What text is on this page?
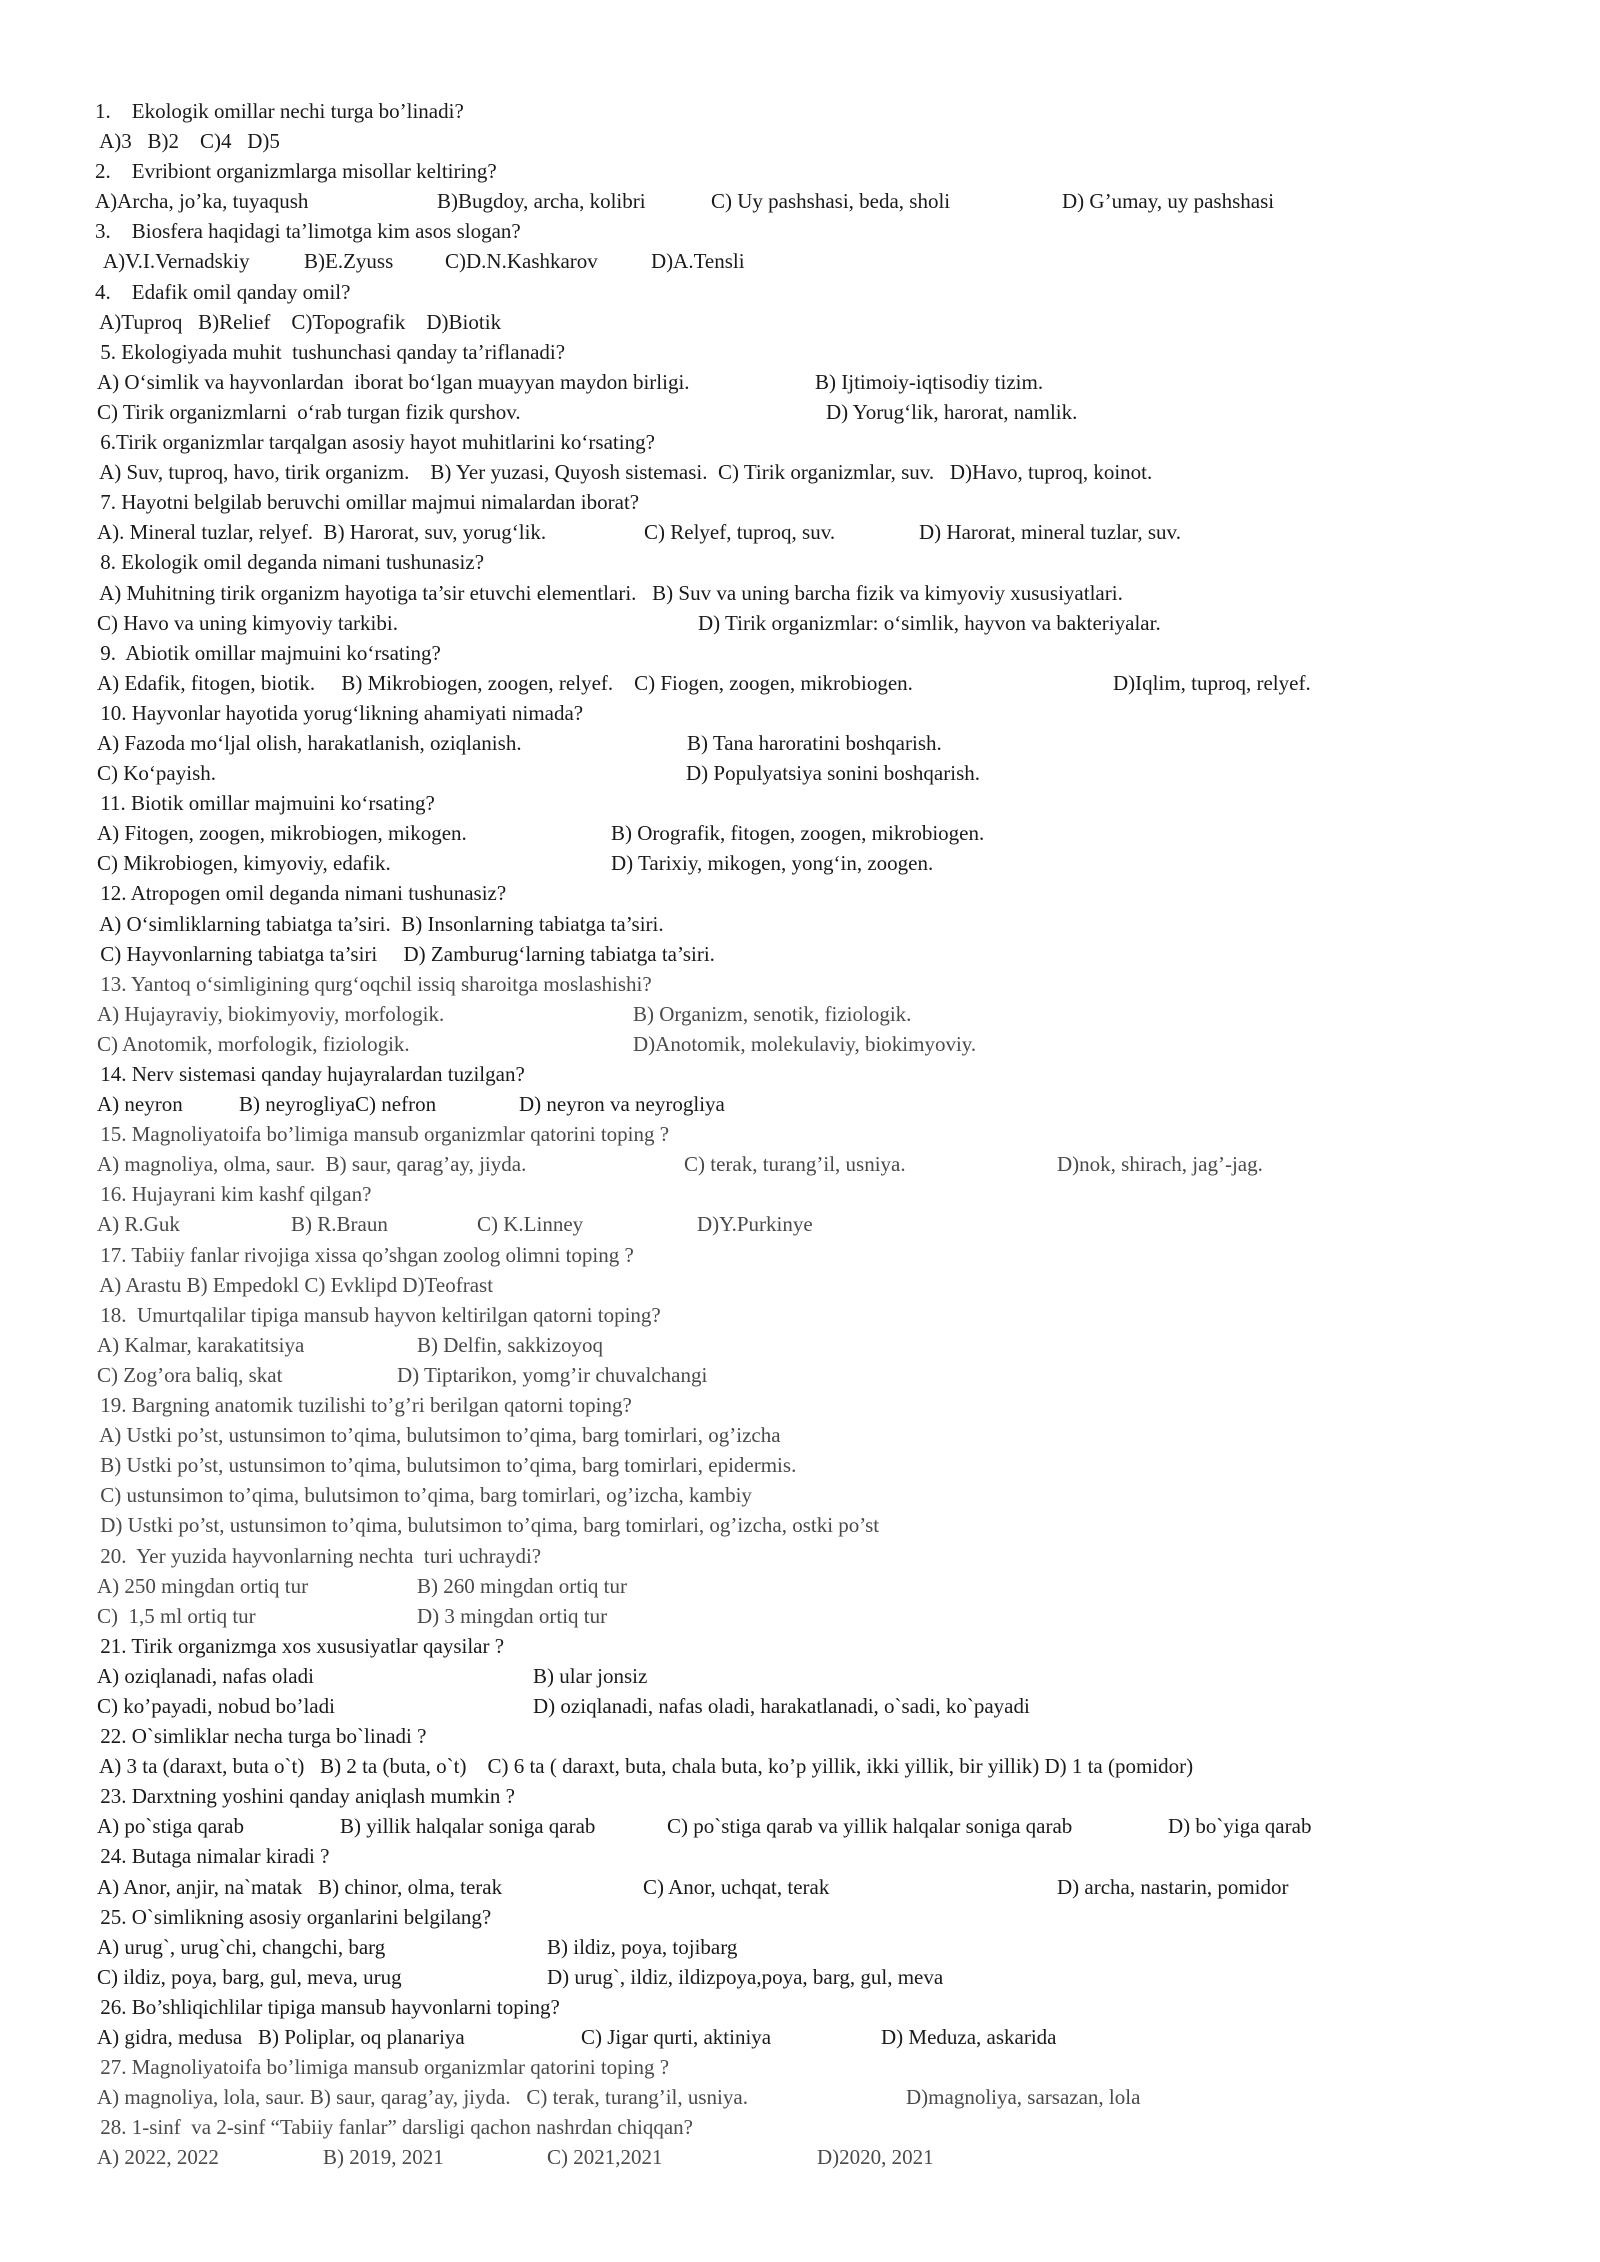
1.    Ekologik omillar nechi turga bo’linadi?
A)3   B)2    C)4   D)5
2.    Evribiont organizmlarga misollar keltiring?
A)Archa, jo’ka, tuyaqush	B)Bugdoy, archa, kolibri	C) Uy pashshasi, beda, sholi	D) G’umay, uy pashshasi
3.    Biosfera haqidagi ta’limotga kim asos slogan?
A)V.I.Vernadskiy	B)E.Zyuss C)D.N.Kashkarov	D)A.Tensli
4.    Edafik omil qanday omil?
A)Tuproq   B)Relief    C)Topografik    D)Biotik
5. Ekologiyada muhit  tushunchasi qanday ta’riflanadi?
A) O‘simlik va hayvonlardan  iborat bo‘lgan muayyan maydon birligi.	B) Ijtimoiy-iqtisodiy tizim.
C) Tirik organizmlarni  o‘rab turgan fizik qurshov.	D) Yorug‘lik, harorat, namlik.
6.Tirik organizmlar tarqalgan asosiy hayot muhitlarini ko‘rsating?
A) Suv, tuproq, havo, tirik organizm.    B) Yer yuzasi, Quyosh sistemasi.  C) Tirik organizmlar, suv.   D)Havo, tuproq, koinot.
7. Hayotni belgilab beruvchi omillar majmui nimalardan iborat?
A). Mineral tuzlar, relyef.  B) Harorat, suv, yorug‘lik.	C) Relyef, tuproq, suv.	D) Harorat, mineral tuzlar, suv.
8. Ekologik omil deganda nimani tushunasiz?
A) Muhitning tirik organizm hayotiga ta’sir etuvchi elementlari.   B) Suv va uning barcha fizik va kimyoviy xususiyatlari.
C) Havo va uning kimyoviy tarkibi.	D) Tirik organizmlar: o‘simlik, hayvon va bakteriyalar.
9.  Abiotik omillar majmuini ko‘rsating?
A) Edafik, fitogen, biotik.     B) Mikrobiogen, zoogen, relyef.    C) Fiogen, zoogen, mikrobiogen.	D)Iqlim, tuproq, relyef.
10. Hayvonlar hayotida yorug‘likning ahamiyati nimada?
A) Fazoda mo‘ljal olish, harakatlanish, oziqlanish.	B) Tana haroratini boshqarish.
C) Ko‘payish.	D) Populyatsiya sonini boshqarish.
11. Biotik omillar majmuini ko‘rsating?
A) Fitogen, zoogen, mikrobiogen, mikogen.	B) Orografik, fitogen, zoogen, mikrobiogen.
C) Mikrobiogen, kimyoviy, edafik.	D) Tarixiy, mikogen, yong‘in, zoogen.
12. Atropogen omil deganda nimani tushunasiz?
A) O‘simliklarning tabiatga ta’siri.  B) Insonlarning tabiatga ta’siri.
C) Hayvonlarning tabiatga ta’siri     D) Zamburug‘larning tabiatga ta’siri.
13. Yantoq o‘simligining qurg‘oqchil issiq sharoitga moslashishi?
A) Hujayraviy, biokimyoviy, morfologik.	B) Organizm, senotik, fiziologik.
C) Anotomik, morfologik, fiziologik.	D)Anotomik, molekulaviy, biokimyoviy.
14. Nerv sistemasi qanday hujayralardan tuzilgan?
A) neyron	B) neyrogliyaC) nefron	D) neyron va neyrogliya
15. Magnoliyatoifa bo’limiga mansub organizmlar qatorini toping ?
A) magnoliya, olma, saur.  B) saur, qarag’ay, jiyda.	C) terak, turang’il, usniya.	D)nok, shirach, jag’-jag.
16. Hujayrani kim kashf qilgan?
A) R.Guk	B) R.Braun	C) K.Linney	D)Y.Purkinye
17. Tabiiy fanlar rivojiga xissa qo’shgan zoolog olimni toping ?
A) Arastu B) Empedokl C) Evklipd D)Teofrast
18.  Umurtqalilar tipiga mansub hayvon keltirilgan qatorni toping?
A) Kalmar, karakatitsiya	B) Delfin, sakkizoyoq
C) Zog’ora baliq, skat	D) Tiptarikon, yomg’ir chuvalchangi
19. Bargning anatomik tuzilishi to’g’ri berilgan qatorni toping?
A) Ustki po’st, ustunsimon to’qima, bulutsimon to’qima, barg tomirlari, og’izcha
B) Ustki po’st, ustunsimon to’qima, bulutsimon to’qima, barg tomirlari, epidermis.
C) ustunsimon to’qima, bulutsimon to’qima, barg tomirlari, og’izcha, kambiy
D) Ustki po’st, ustunsimon to’qima, bulutsimon to’qima, barg tomirlari, og’izcha, ostki po’st
20.  Yer yuzida hayvonlarning nechta  turi uchraydi?
A) 250 mingdan ortiq tur	B) 260 mingdan ortiq tur
C)  1,5 ml ortiq tur	D) 3 mingdan ortiq tur
21. Tirik organizmga xos xususiyatlar qaysilar ?
A) oziqlanadi, nafas oladi	B) ular jonsiz
C) ko’payadi, nobud bo’ladi	D) oziqlanadi, nafas oladi, harakatlanadi, o`sadi, ko`payadi
22. O`simliklar necha turga bo`linadi ?
A) 3 ta (daraxt, buta o`t)   B) 2 ta (buta, o`t)    C) 6 ta ( daraxt, buta, chala buta, ko’p yillik, ikki yillik, bir yillik) D) 1 ta (pomidor)
23. Darxtning yoshini qanday aniqlash mumkin ?
A) po`stiga qarab	B) yillik halqalar soniga qarab	C) po`stiga qarab va yillik halqalar soniga qarab	D) bo`yiga qarab
24. Butaga nimalar kiradi ?
A) Anor, anjir, na`matak   B) chinor, olma, terak	C) Anor, uchqat, terak	D) archa, nastarin, pomidor
25. O`simlikning asosiy organlarini belgilang?
A) urug`, urug`chi, changchi, barg	B) ildiz, poya, tojibarg
C) ildiz, poya, barg, gul, meva, urug	D) urug`, ildiz, ildizpoya,poya, barg, gul, meva
26. Bo’shliqichlilar tipiga mansub hayvonlarni toping?
A) gidra, medusa   B) Poliplar, oq planariya	C) Jigar qurti, aktiniya	D) Meduza, askarida
27. Magnoliyatoifa bo’limiga mansub organizmlar qatorini toping ?
A) magnoliya, lola, saur. B) saur, qarag’ay, jiyda.   C) terak, turang’il, usniya.	D)magnoliya, sarsazan, lola
28. 1-sinf  va 2-sinf “Tabiiy fanlar” darsligi qachon nashrdan chiqqan?
A) 2022, 2022	B) 2019, 2021	C) 2021,2021	D)2020, 2021
